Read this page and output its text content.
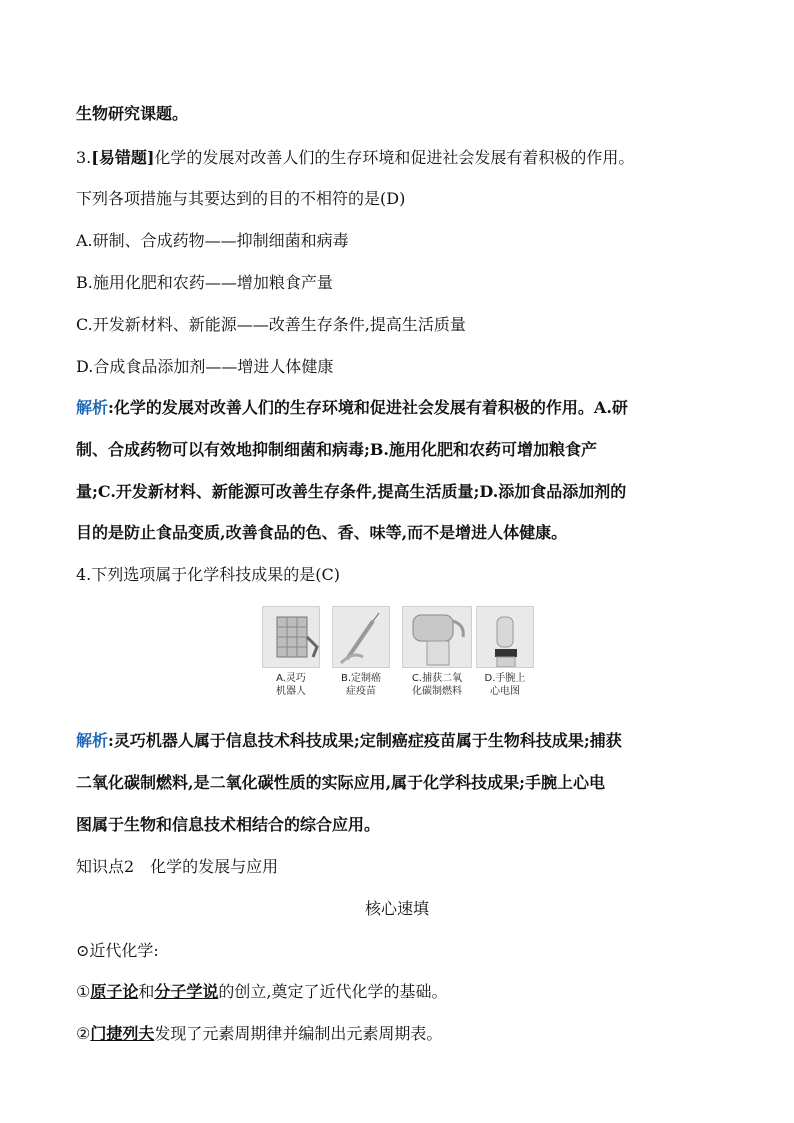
生物研究课题。
3.[易错题]化学的发展对改善人们的生存环境和促进社会发展有着积极的作用。
下列各项措施与其要达到的目的不相符的是(D)
A.研制、合成药物——抑制细菌和病毒
B.施用化肥和农药——增加粮食产量
C.开发新材料、新能源——改善生存条件,提高生活质量
D.合成食品添加剂——增进人体健康
解析:化学的发展对改善人们的生存环境和促进社会发展有着积极的作用。A.研
制、合成药物可以有效地抑制细菌和病毒;B.施用化肥和农药可增加粮食产
量;C.开发新材料、新能源可改善生存条件,提高生活质量;D.添加食品添加剂的
目的是防止食品变质,改善食品的色、香、味等,而不是增进人体健康。
4.下列选项属于化学科技成果的是(C)
A.灵巧
机器人
B.定制癌
症疫苗
C.捕获二氧
化碳制燃料
D.手腕上
心电图
解析:灵巧机器人属于信息技术科技成果;定制癌症疫苗属于生物科技成果;捕获
二氧化碳制燃料,是二氧化碳性质的实际应用,属于化学科技成果;手腕上心电
图属于生物和信息技术相结合的综合应用。
知识点2　化学的发展与应用
核心速填
⊙近代化学:
①原子论和分子学说的创立,奠定了近代化学的基础。
②门捷列夫发现了元素周期律并编制出元素周期表。
